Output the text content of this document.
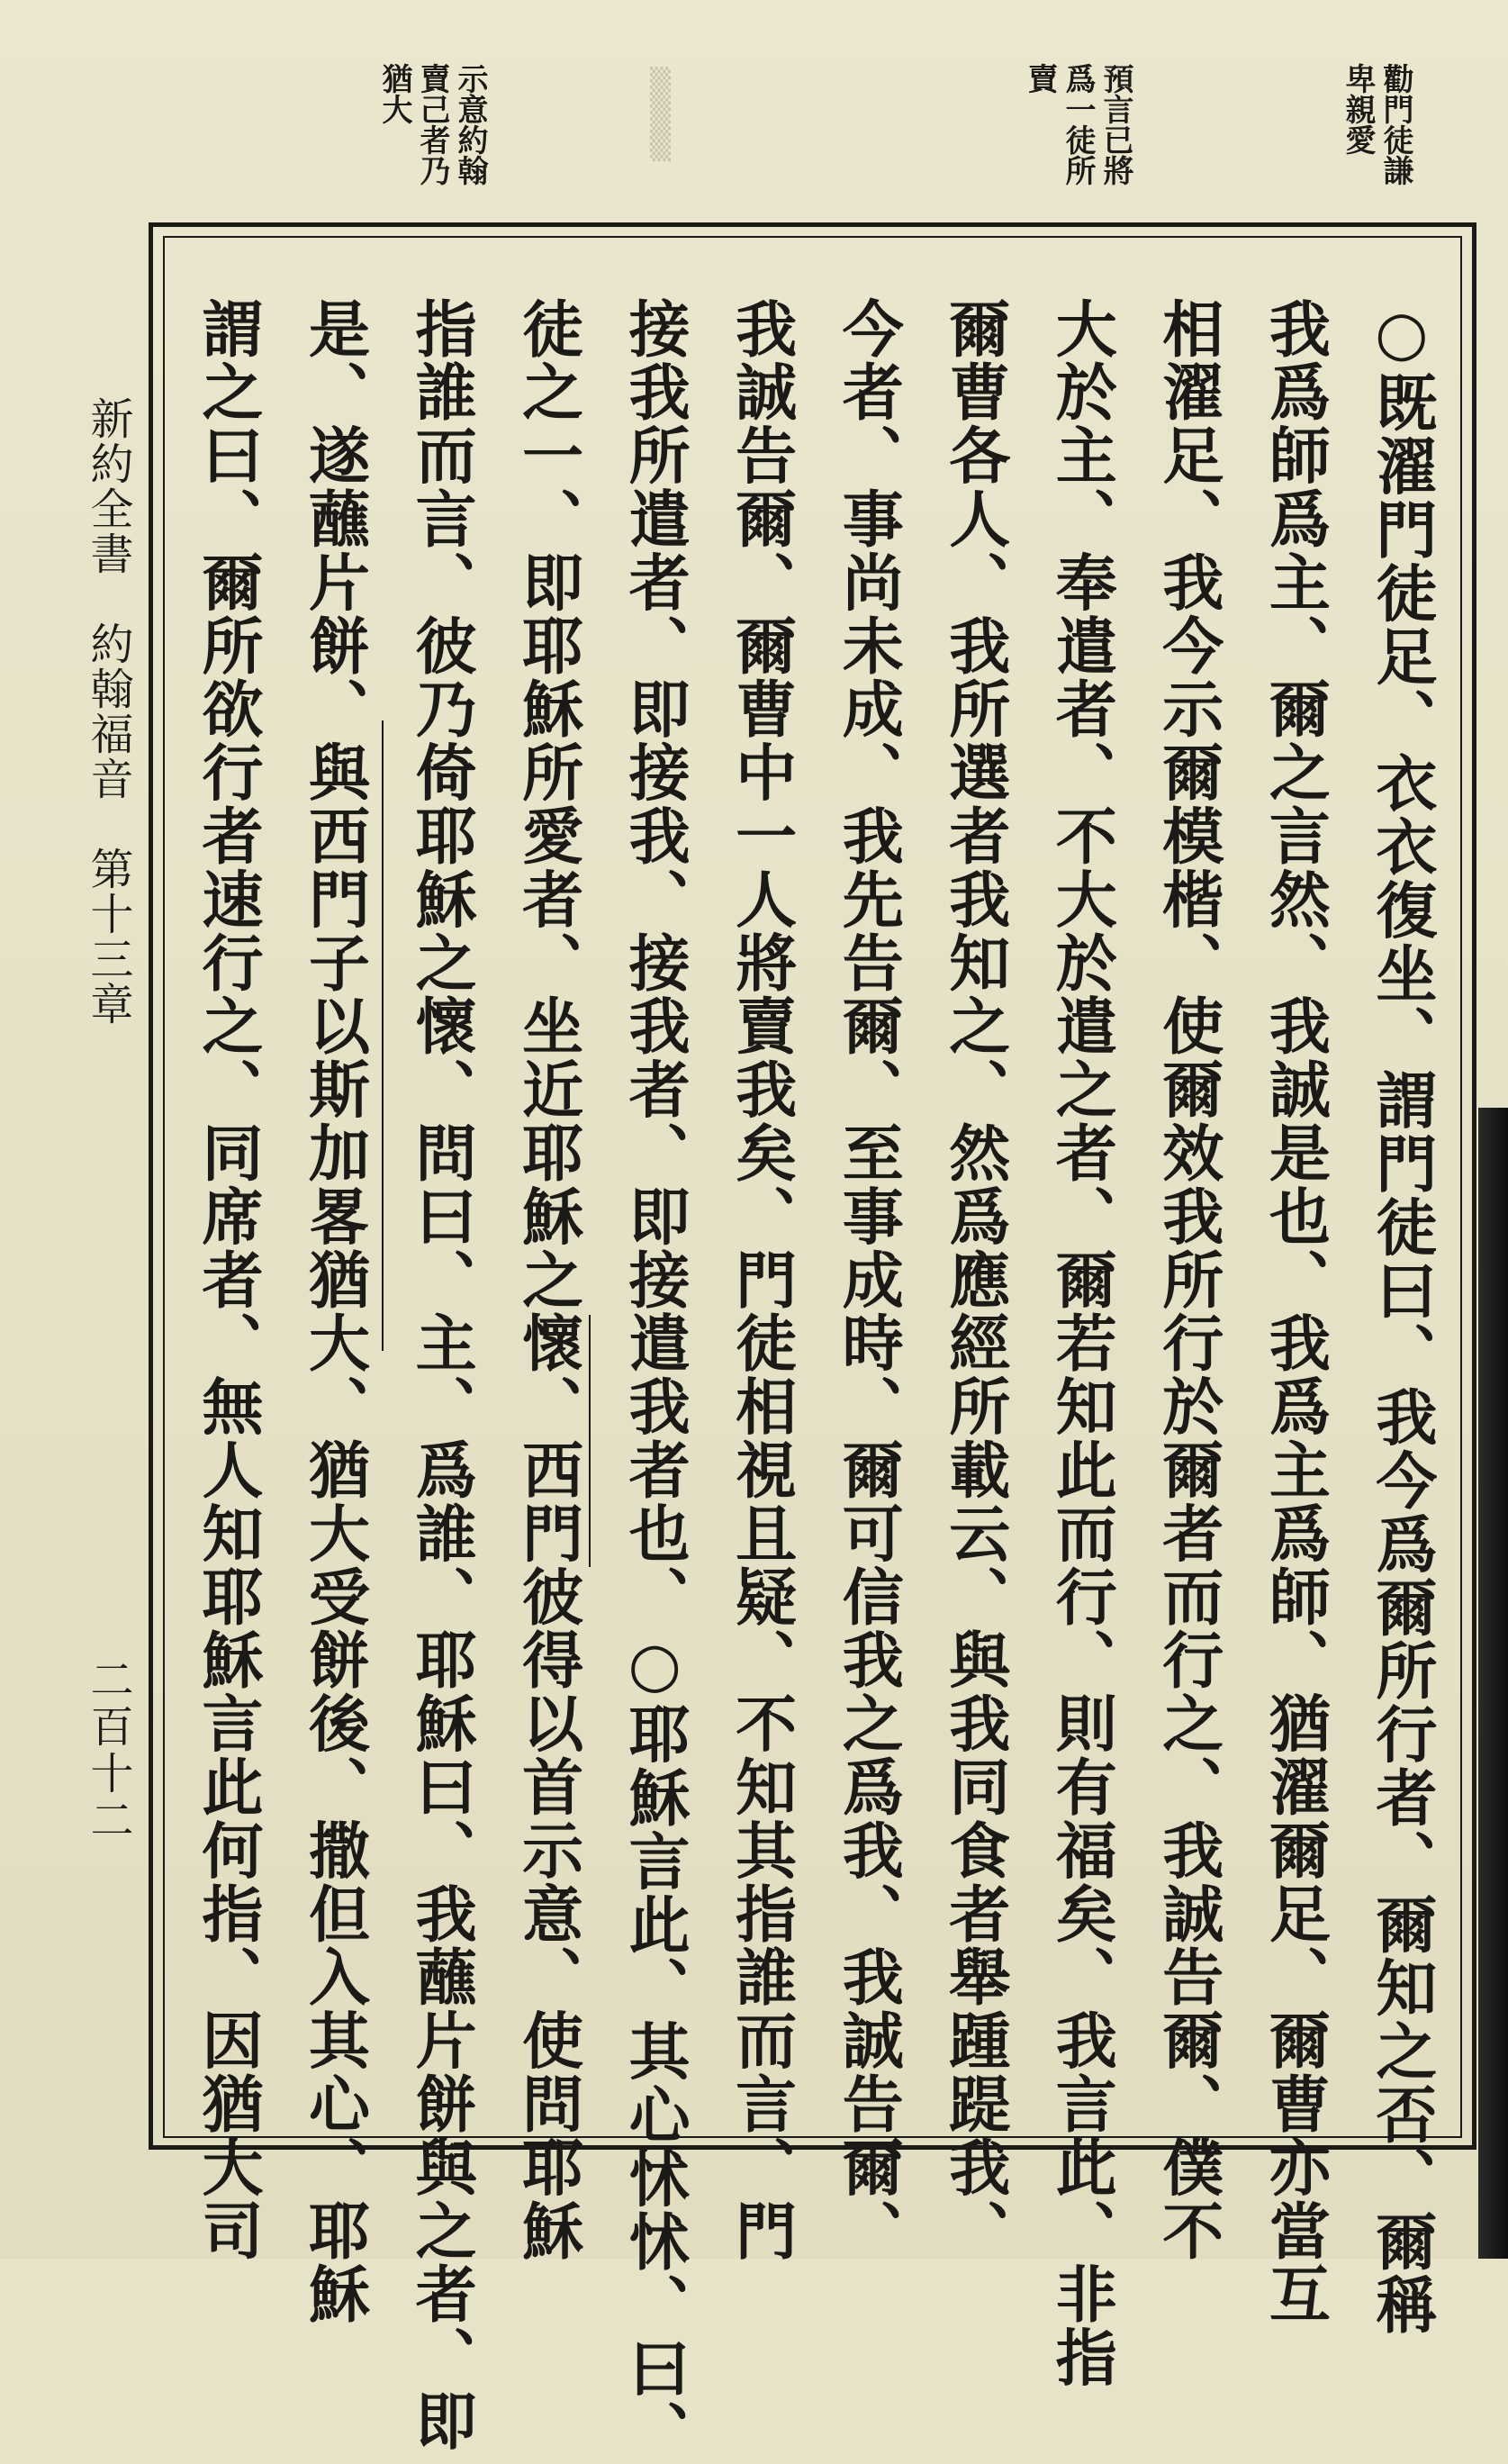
勸門徒謙
卑親愛
預言已將
爲一徒所
賣
示意約翰
賣己者乃
猶大	▒▒▒
新約全書約翰福音第十三章
二百十二	○既濯門徒足、衣衣復坐、謂門徒曰、我今爲爾所行者、爾知之否、爾稱
我爲師爲主、爾之言然、我誠是也、我爲主爲師、猶濯爾足、爾曹亦當互
相濯足、我今示爾模楷、使爾效我所行於爾者而行之、我誠告爾、僕不
大於主、奉遣者、不大於遣之者、爾若知此而行、則有福矣、我言此、非指
爾曹各人、我所選者我知之、然爲應經所載云、與我同食者舉踵踶我、
今者、事尚未成、我先告爾、至事成時、爾可信我之爲我、我誠告爾、
我誠告爾、爾曹中一人將賣我矣、門徒相視且疑、不知其指誰而言、門
接我所遣者、即接我、接我者、即接遣我者也、○耶穌言此、其心怵怵、曰、
徒之一、即耶穌所愛者、坐近耶穌之懷、西門彼得以首示意、使問耶穌
指誰而言、彼乃倚耶穌之懷、問曰、主、爲誰、耶穌曰、我蘸片餅與之者、即
是、遂蘸片餅、與西門子以斯加畧猶大、猶大受餅後、撒但入其心、耶穌
謂之曰、爾所欲行者速行之、同席者、無人知耶穌言此何指、因猶大司
